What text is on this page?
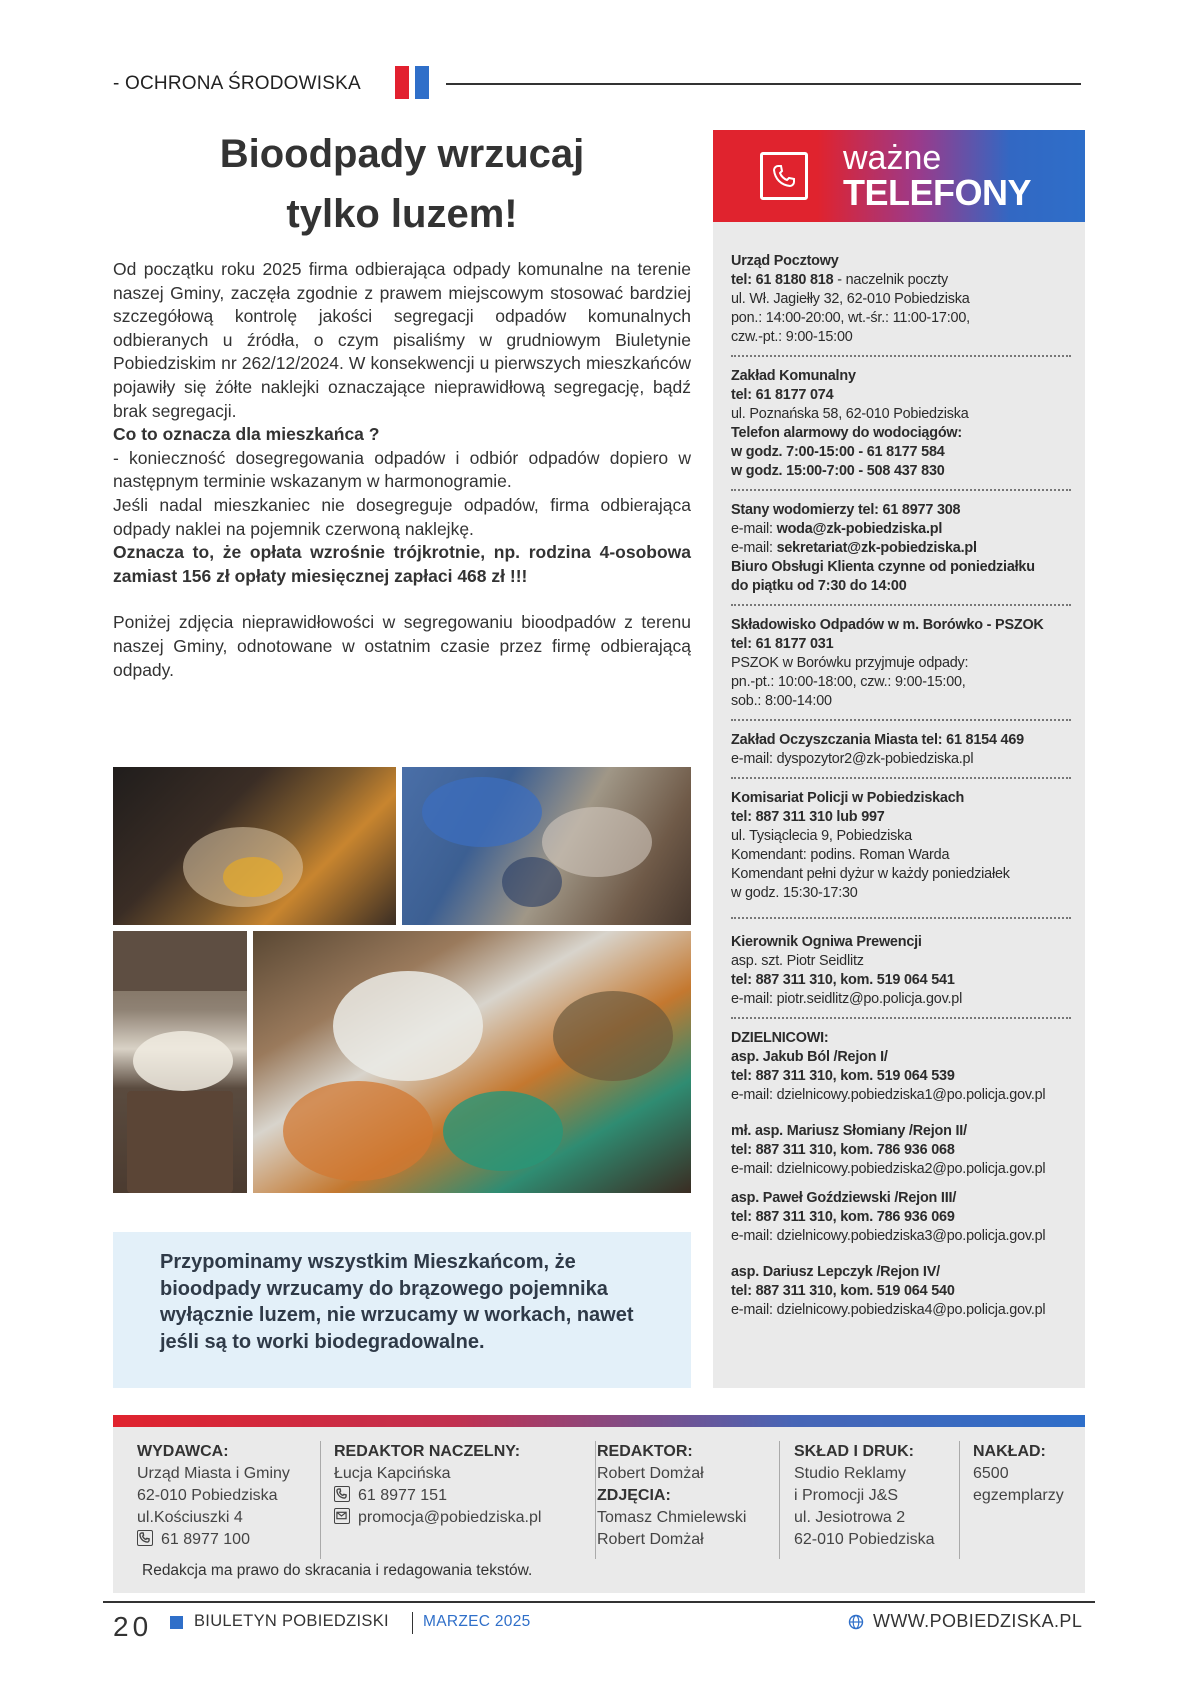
- OCHRONA ŚRODOWISKA
Bioodpady wrzucaj
tylko luzem!

Od początku roku 2025 firma odbierająca odpady komunalne na terenie naszej Gminy, zaczęła zgodnie z prawem miejscowym stosować bardziej szczegółową kontrolę jakości segregacji odpadów komunalnych odbieranych u źródła, o czym pisaliśmy w grudniowym Biuletynie Pobiedziskim nr 262/12/2024. W konsekwencji u pierwszych mieszkańców pojawiły się żółte naklejki oznaczające nieprawidłową segregację, bądź brak segregacji.

Co to oznacza dla mieszkańca ?

- konieczność dosegregowania odpadów i odbiór odpadów dopiero w następnym terminie wskazanym w harmonogramie.

Jeśli nadal mieszkaniec nie dosegreguje odpadów, firma odbierająca odpady naklei na pojemnik czerwoną naklejkę.

Oznacza to, że opłata wzrośnie trójkrotnie, np. rodzina 4-osobowa zamiast 156 zł opłaty miesięcznej zapłaci 468 zł !!!

Poniżej zdjęcia nieprawidłowości w segregowaniu bioodpadów z terenu naszej Gminy, odnotowane w ostatnim czasie przez firmę odbierającą odpady.

Przypominamy wszystkim Mieszkańcom, że bioodpady wrzucamy do brązowego pojemnika wyłącznie luzem, nie wrzucamy w workach, nawet jeśli są to worki biodegradowalne.

ważne
TELEFONY
Urząd Pocztowy
tel: 61 8180 818 - naczelnik poczty
ul. Wł. Jagiełły 32, 62-010 Pobiedziska
pon.: 14:00-20:00, wt.-śr.: 11:00-17:00,
czw.-pt.: 9:00-15:00
Zakład Komunalny
tel: 61 8177 074
ul. Poznańska 58, 62-010 Pobiedziska
Telefon alarmowy do wodociągów:
w godz. 7:00-15:00 - 61 8177 584
w godz. 15:00-7:00 - 508 437 830
Stany wodomierzy tel: 61 8977 308
e-mail: woda@zk-pobiedziska.pl
e-mail: sekretariat@zk-pobiedziska.pl
Biuro Obsługi Klienta czynne od poniedziałku
do piątku od 7:30 do 14:00
Składowisko Odpadów w m. Borówko - PSZOK
tel: 61 8177 031
PSZOK w Borówku przyjmuje odpady:
pn.-pt.: 10:00-18:00, czw.: 9:00-15:00,
sob.: 8:00-14:00
Zakład Oczyszczania Miasta tel: 61 8154 469
e-mail: dyspozytor2@zk-pobiedziska.pl
Komisariat Policji w Pobiedziskach
tel: 887 311 310 lub 997
ul. Tysiąclecia 9, Pobiedziska
Komendant: podins. Roman Warda
Komendant pełni dyżur w każdy poniedziałek
w godz. 15:30-17:30
Kierownik Ogniwa Prewencji
asp. szt. Piotr Seidlitz
tel: 887 311 310, kom. 519 064 541
e-mail: piotr.seidlitz@po.policja.gov.pl
DZIELNICOWI:
asp. Jakub Ból /Rejon I/
tel: 887 311 310, kom. 519 064 539
e-mail: dzielnicowy.pobiedziska1@po.policja.gov.pl
mł. asp. Mariusz Słomiany /Rejon II/
tel: 887 311 310, kom. 786 936 068
e-mail: dzielnicowy.pobiedziska2@po.policja.gov.pl
asp. Paweł Goździewski /Rejon III/
tel: 887 311 310, kom. 786 936 069
e-mail: dzielnicowy.pobiedziska3@po.policja.gov.pl
asp. Dariusz Lepczyk /Rejon IV/
tel: 887 311 310, kom. 519 064 540
e-mail: dzielnicowy.pobiedziska4@po.policja.gov.pl
WYDAWCA:
Urząd Miasta i Gminy
62-010 Pobiedziska
ul.Kościuszki 4
61 8977 100
REDAKTOR NACZELNY:
Łucja Kapcińska
61 8977 151
promocja@pobiedziska.pl
REDAKTOR:
Robert Domżał
ZDJĘCIA:
Tomasz Chmielewski
Robert Domżał
SKŁAD I DRUK:
Studio Reklamy
i Promocji J&S
ul. Jesiotrowa 2
62-010 Pobiedziska
NAKŁAD:
6500
egzemplarzy
Redakcja ma prawo do skracania i redagowania tekstów.
20	BIULETYN POBIEDZISKI MARZEC 2025	WWW.POBIEDZISKA.PL
